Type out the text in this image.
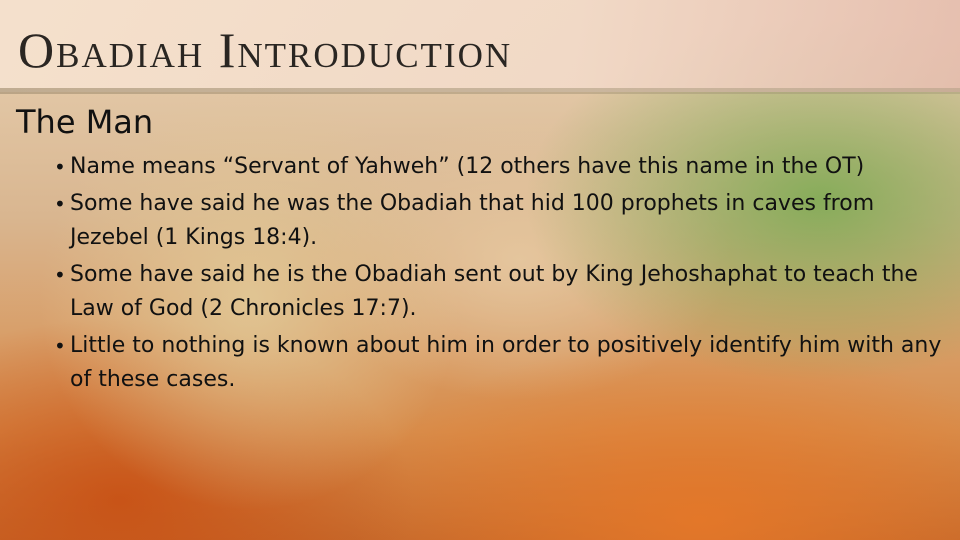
Obadiah Introduction
The Man
• Name means “Servant of Yahweh” (12 others have this name in the OT)
• Some have said he was the Obadiah that hid 100 prophets in caves from Jezebel (1 Kings 18:4).
• Some have said he is the Obadiah sent out by King Jehoshaphat to teach the Law of God (2 Chronicles 17:7).
• Little to nothing is known about him in order to positively identify him with any of these cases.
